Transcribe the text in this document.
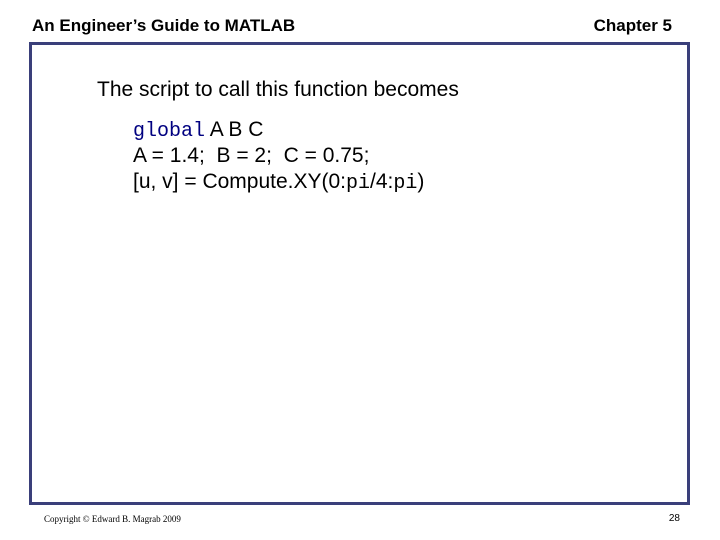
An Engineer’s Guide to MATLAB	Chapter 5
The script to call this function becomes
global A B C
A = 1.4;  B = 2;  C = 0.75;
[u, v] = Compute.XY(0:pi/4:pi)
Copyright © Edward B. Magrab 2009	28
